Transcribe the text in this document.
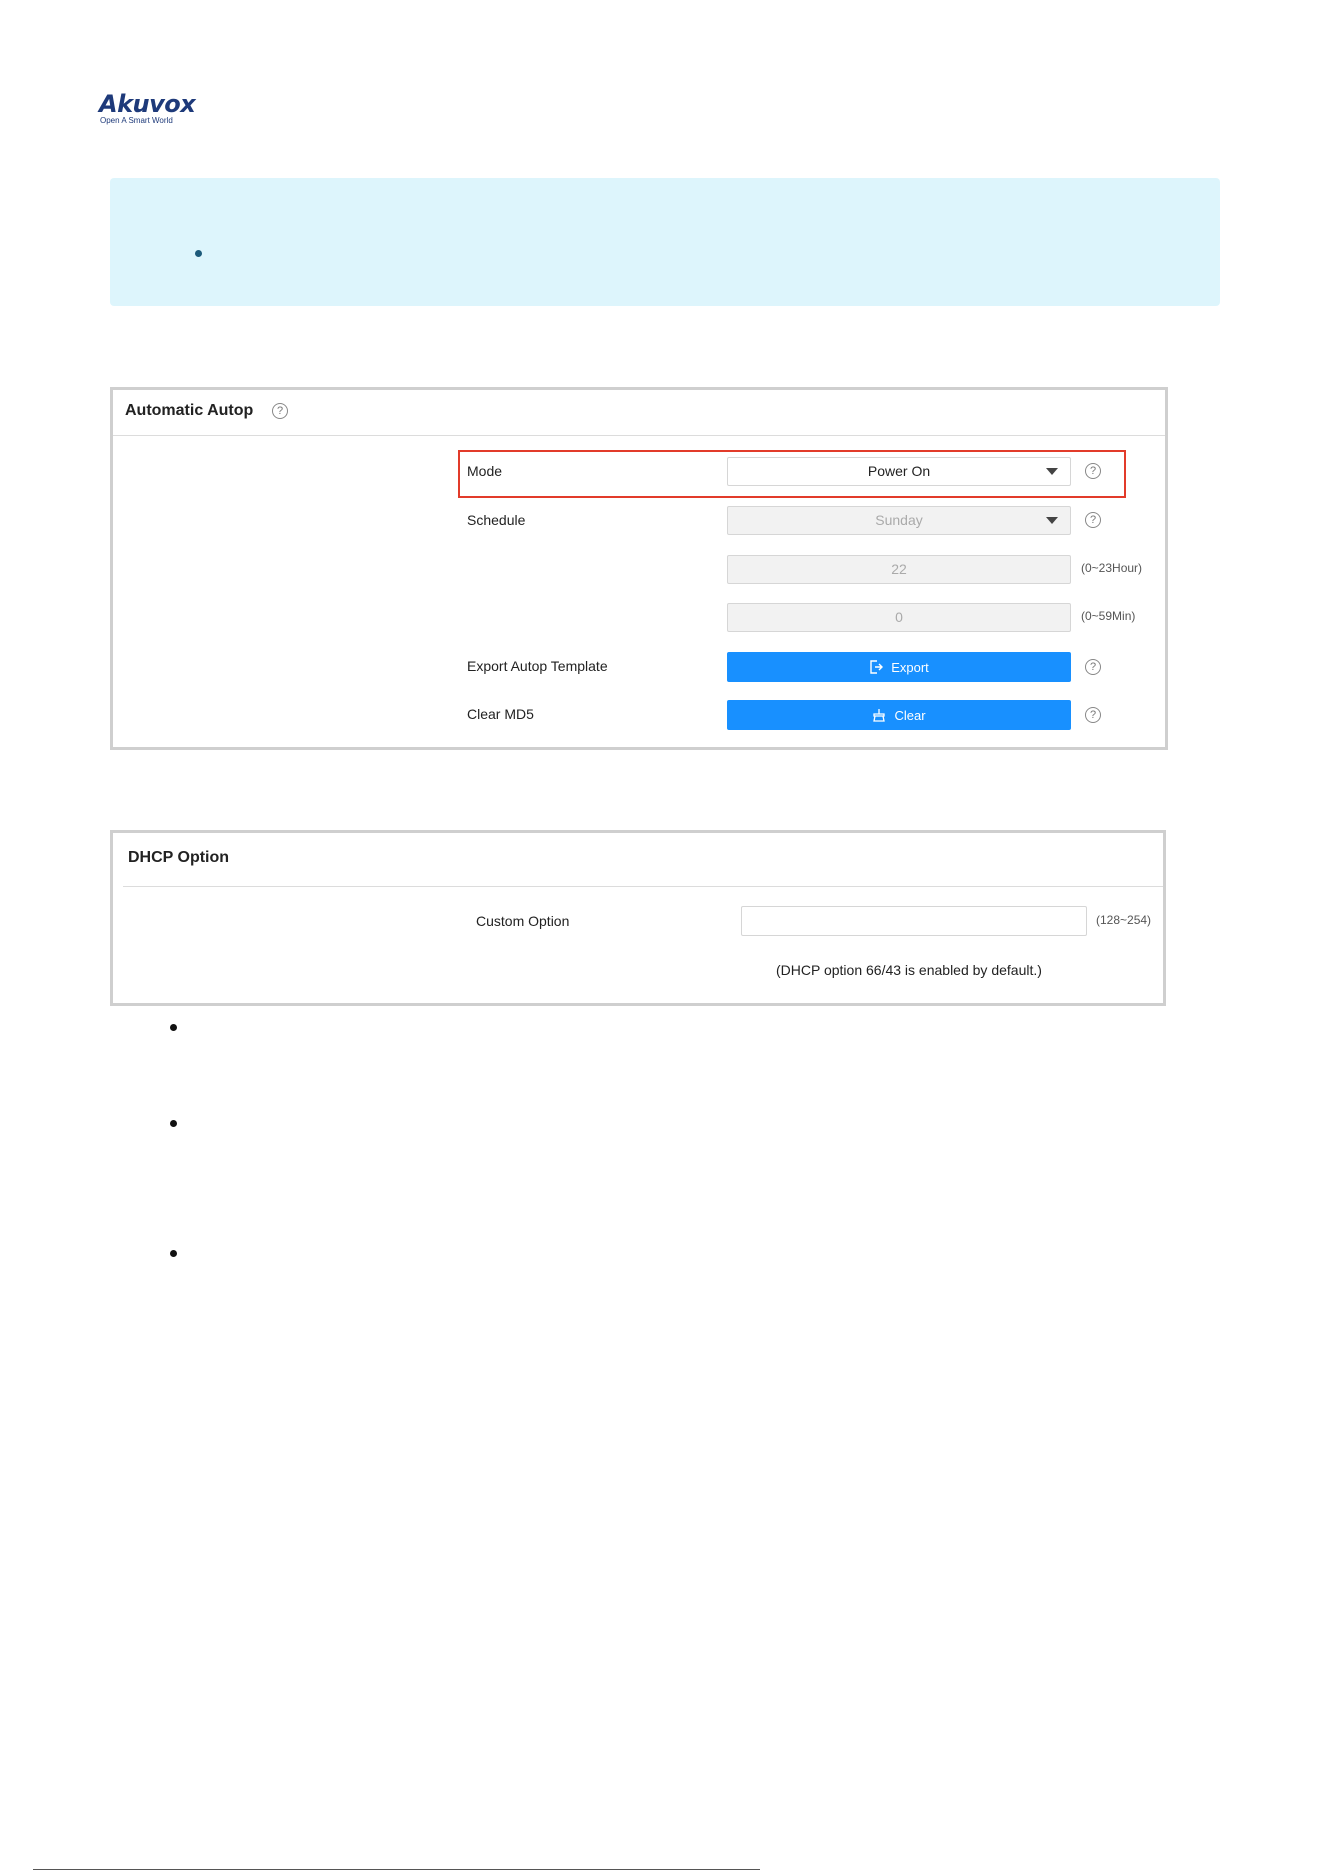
Akuvox
Open A Smart World
Automatic Autop	?
Mode	Power On	?
Schedule	Sunday	?
22	(0~23Hour)
0	(0~59Min)
Export Autop Template	Export	?
Clear MD5	Clear	?
DHCP Option
Custom Option	(128~254)
(DHCP option 66/43 is enabled by default.)
